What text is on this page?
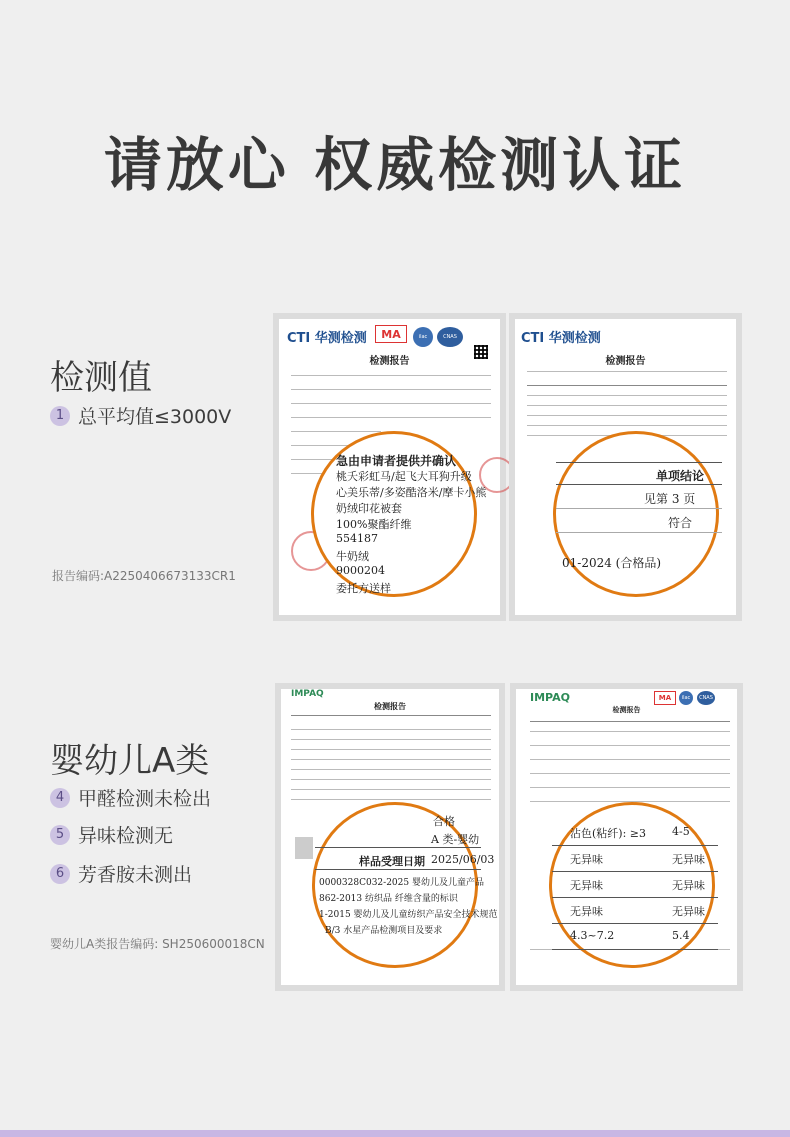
请放心 权威检测认证
检测值
1 总平均值≤3000V
报告编码:A2250406673133CR1
CTI 华测检测	MA	ilac	CNAS
检测报告
急由申请者提供并确认
桃夭彩虹马/起飞大耳狗升级
心美乐蒂/多姿酷洛米/摩卡小熊
奶绒印花被套
100%聚酯纤维
554187
牛奶绒
9000204
委托方送样
CTI 华测检测
检测报告
单项结论
见第 3 页
符合
01-2024 (合格品)
婴幼儿A类
4 甲醛检测未检出
5 异味检测无
6 芳香胺未测出
婴幼儿A类报告编码: SH250600018CN
IMPAQ
检测报告
合格
A 类-婴幼
样品受理日期 2025/06/03
0000328C032-2025 婴幼儿及儿童产品
862-2013 纺织品 纤维含量的标识
1-2015 婴幼儿及儿童纺织产品安全技术规范
B/3 水星产品检测项目及要求
IMPAQ	MA	ilac	CNAS
检测报告
沾色(粘纤): ≥3 4-5
无异味	无异味
无异味	无异味
无异味	无异味
4.3~7.2	5.4
